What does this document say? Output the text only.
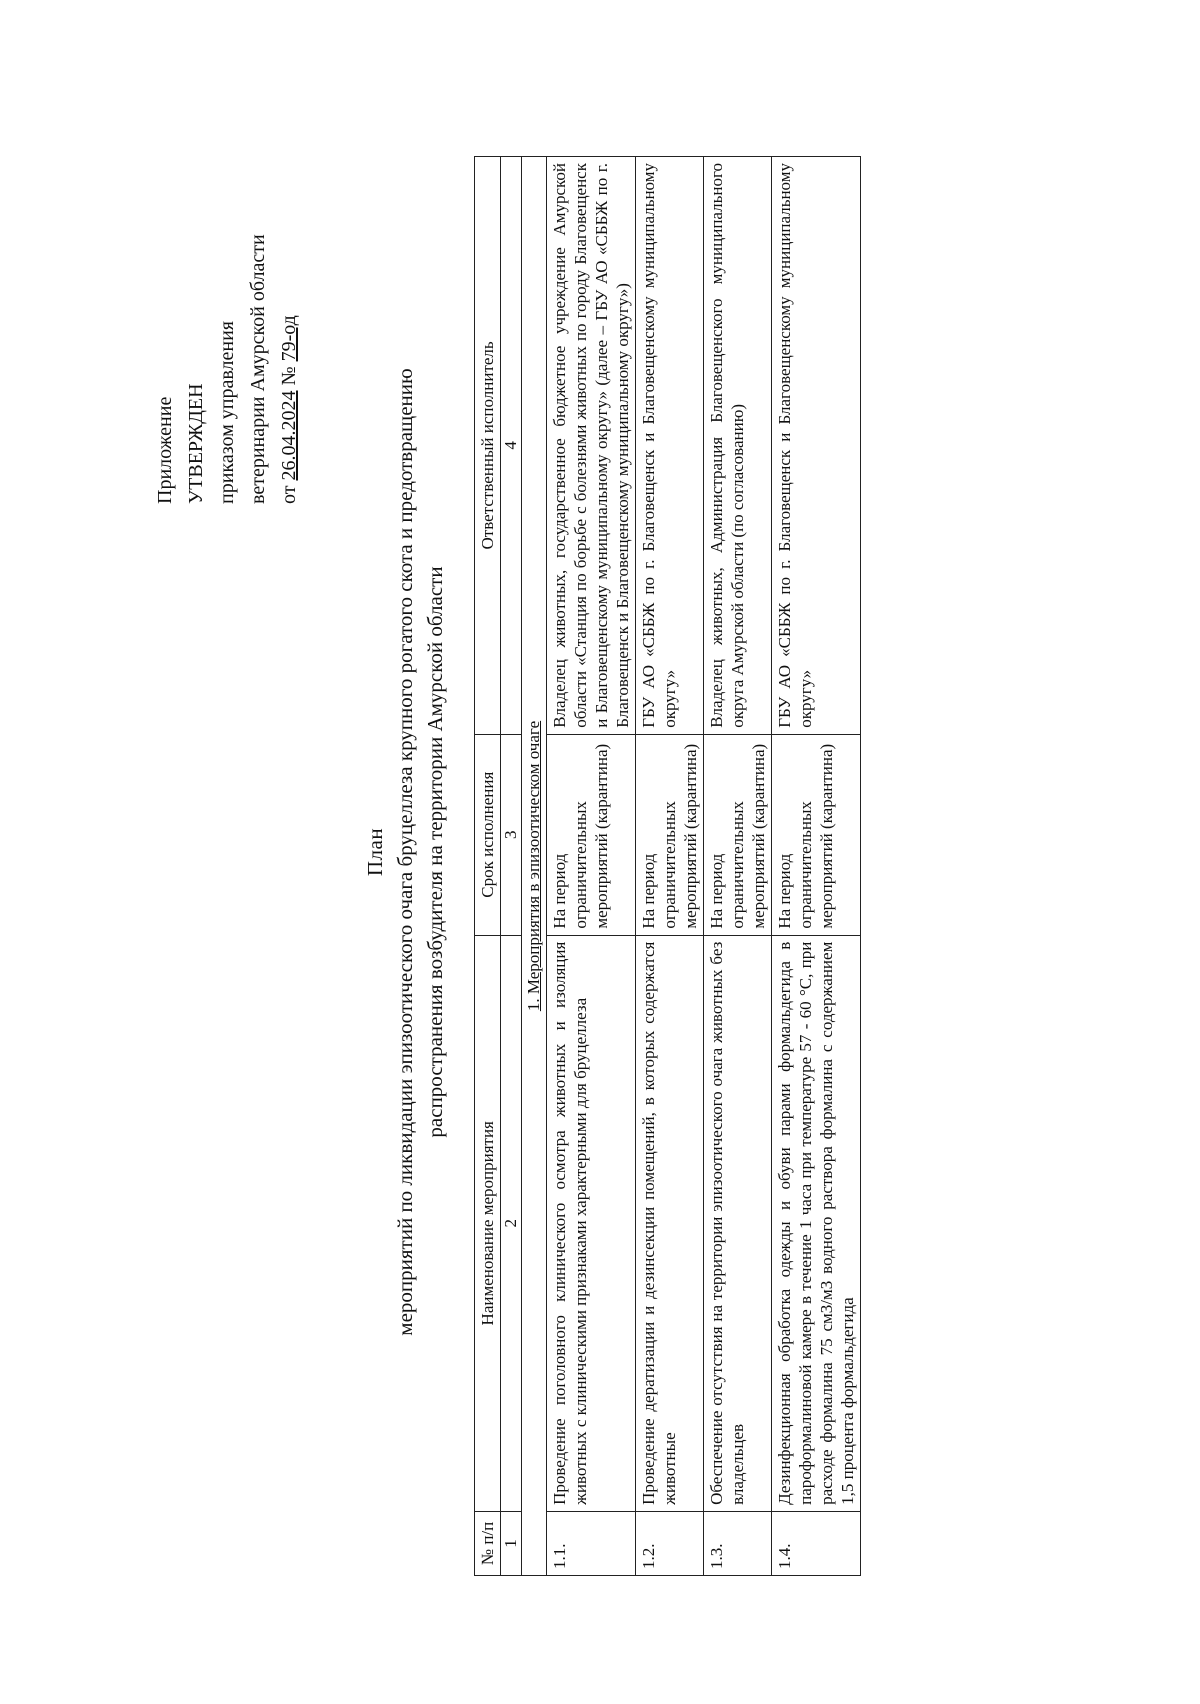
Приложение УТВЕРЖДЕН приказом управления ветеринарии Амурской области от 26.04.2024 № 79-од
План мероприятий по ликвидации эпизоотического очага бруцеллеза крупного рогатого скота и предотвращению распространения возбудителя на территории Амурской области
№ п/п	Наименование мероприятия	Срок исполнения	Ответственный исполнитель
1	2	3	4
1. Мероприятия в эпизоотическом очаге			
1.1.	Проведение поголовного клинического осмотра животных и изоляция животных с клиническими признаками характерными для бруцеллеза	На период ограничительных мероприятий (карантина)	Владелец животных, государственное бюджетное учреждение Амурской области «Станция по борьбе с болезнями животных по городу Благовещенск и Благовещенскому муниципальному округу» (далее – ГБУ АО «СББЖ по г. Благовещенск и Благовещенскому муниципальному округу»)
1.2.	Проведение дератизации и дезинсекции помещений, в которых содержатся животные	На период ограничительных мероприятий (карантина)	ГБУ АО «СББЖ по г. Благовещенск и Благовещенскому муниципальному округу»
1.3.	Обеспечение отсутствия на территории эпизоотического очага животных без владельцев	На период ограничительных мероприятий (карантина)	Владелец животных, Администрация Благовещенского муниципального округа Амурской области (по согласованию)
1.4.	Дезинфекционная обработка одежды и обуви парами формальдегида в пароформалиновой камере в течение 1 часа при температуре 57 - 60 °С, при расходе формалина 75 см3/м3 водного раствора формалина с содержанием 1,5 процента формальдегида	На период ограничительных мероприятий (карантина)	ГБУ АО «СББЖ по г. Благовещенск и Благовещенскому муниципальному округу»
